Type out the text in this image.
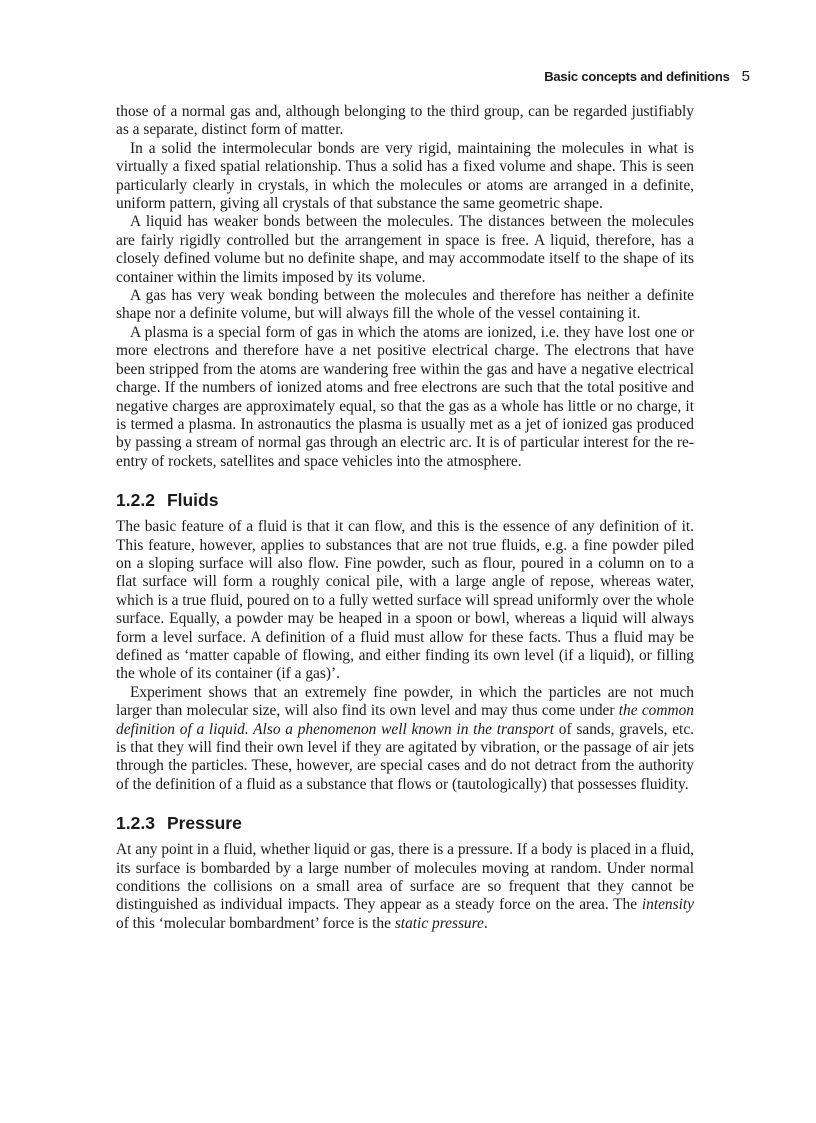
Basic concepts and definitions 5

those of a normal gas and, although belonging to the third group, can be regarded justifiably as a separate, distinct form of matter.

In a solid the intermolecular bonds are very rigid, maintaining the molecules in what is virtually a fixed spatial relationship. Thus a solid has a fixed volume and shape. This is seen particularly clearly in crystals, in which the molecules or atoms are arranged in a definite, uniform pattern, giving all crystals of that substance the same geometric shape.

A liquid has weaker bonds between the molecules. The distances between the molecules are fairly rigidly controlled but the arrangement in space is free. A liquid, therefore, has a closely defined volume but no definite shape, and may accommodate itself to the shape of its container within the limits imposed by its volume.

A gas has very weak bonding between the molecules and therefore has neither a definite shape nor a definite volume, but will always fill the whole of the vessel containing it.

A plasma is a special form of gas in which the atoms are ionized, i.e. they have lost one or more electrons and therefore have a net positive electrical charge. The electrons that have been stripped from the atoms are wandering free within the gas and have a negative electrical charge. If the numbers of ionized atoms and free electrons are such that the total positive and negative charges are approximately equal, so that the gas as a whole has little or no charge, it is termed a plasma. In astronautics the plasma is usually met as a jet of ionized gas produced by passing a stream of normal gas through an electric arc. It is of particular interest for the re-entry of rockets, satellites and space vehicles into the atmosphere.

1.2.2 Fluids

The basic feature of a fluid is that it can flow, and this is the essence of any definition of it. This feature, however, applies to substances that are not true fluids, e.g. a fine powder piled on a sloping surface will also flow. Fine powder, such as flour, poured in a column on to a flat surface will form a roughly conical pile, with a large angle of repose, whereas water, which is a true fluid, poured on to a fully wetted surface will spread uniformly over the whole surface. Equally, a powder may be heaped in a spoon or bowl, whereas a liquid will always form a level surface. A definition of a fluid must allow for these facts. Thus a fluid may be defined as ‘matter capable of flowing, and either finding its own level (if a liquid), or filling the whole of its container (if a gas)’.

Experiment shows that an extremely fine powder, in which the particles are not much larger than molecular size, will also find its own level and may thus come under the common definition of a liquid. Also a phenomenon well known in the transport of sands, gravels, etc. is that they will find their own level if they are agitated by vibration, or the passage of air jets through the particles. These, however, are special cases and do not detract from the authority of the definition of a fluid as a substance that flows or (tautologically) that possesses fluidity.

1.2.3 Pressure

At any point in a fluid, whether liquid or gas, there is a pressure. If a body is placed in a fluid, its surface is bombarded by a large number of molecules moving at random. Under normal conditions the collisions on a small area of surface are so frequent that they cannot be distinguished as individual impacts. They appear as a steady force on the area. The intensity of this ‘molecular bombardment’ force is the static pressure.
